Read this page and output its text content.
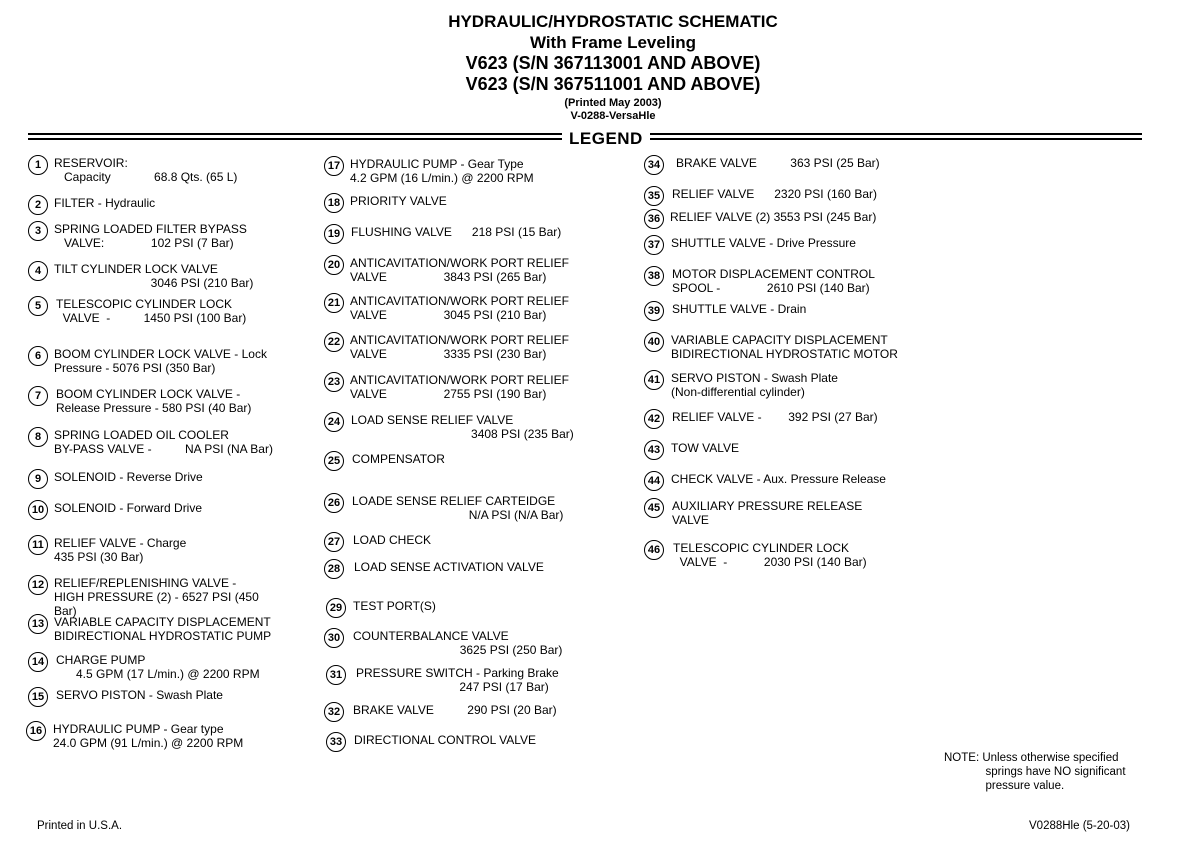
HYDRAULIC/HYDROSTATIC SCHEMATIC
With Frame Leveling
V623 (S/N 367113001 AND ABOVE)
V623 (S/N 367511001 AND ABOVE)
(Printed May 2003)
V-0288-VersaHle
LEGEND
1	RESERVOIR:
Capacity             68.8 Qts. (65 L)
2	FILTER - Hydraulic
3	SPRING LOADED FILTER BYPASS
VALVE:              102 PSI (7 Bar)
4	TILT CYLINDER LOCK VALVE
3046 PSI (210 Bar)
5	TELESCOPIC CYLINDER LOCK
VALVE  -          1450 PSI (100 Bar)
6	BOOM CYLINDER LOCK VALVE - Lock
Pressure - 5076 PSI (350 Bar)
7	BOOM CYLINDER LOCK VALVE -
Release Pressure - 580 PSI (40 Bar)
8	SPRING LOADED OIL COOLER
BY-PASS VALVE -          NA PSI (NA Bar)
9	SOLENOID - Reverse Drive
10 SOLENOID - Forward Drive
11 RELIEF VALVE - Charge
435 PSI (30 Bar)
12 RELIEF/REPLENISHING VALVE -
HIGH PRESSURE (2) - 6527 PSI (450
Bar)
13 VARIABLE CAPACITY DISPLACEMENT
BIDIRECTIONAL HYDROSTATIC PUMP
14 CHARGE PUMP
4.5 GPM (17 L/min.) @ 2200 RPM
15 SERVO PISTON - Swash Plate
16 HYDRAULIC PUMP - Gear type
24.0 GPM (91 L/min.) @ 2200 RPM
17 HYDRAULIC PUMP - Gear Type
4.2 GPM (16 L/min.) @ 2200 RPM
18 PRIORITY VALVE
19 FLUSHING VALVE      218 PSI (15 Bar)
20 ANTICAVITATION/WORK PORT RELIEF
VALVE                 3843 PSI (265 Bar)
21 ANTICAVITATION/WORK PORT RELIEF
VALVE                 3045 PSI (210 Bar)
22 ANTICAVITATION/WORK PORT RELIEF
VALVE                 3335 PSI (230 Bar)
23 ANTICAVITATION/WORK PORT RELIEF
VALVE                 2755 PSI (190 Bar)
24 LOAD SENSE RELIEF VALVE
3408 PSI (235 Bar)
25 COMPENSATOR
26 LOADE SENSE RELIEF CARTEIDGE
N/A PSI (N/A Bar)
27	LOAD CHECK
28	LOAD SENSE ACTIVATION VALVE
29 TEST PORT(S)
30	COUNTERBALANCE VALVE
3625 PSI (250 Bar)
31	PRESSURE SWITCH - Parking Brake
247 PSI (17 Bar)
32	BRAKE VALVE          290 PSI (20 Bar)
33 DIRECTIONAL CONTROL VALVE
34	BRAKE VALVE          363 PSI (25 Bar)
35 RELIEF VALVE      2320 PSI (160 Bar)
36 RELIEF VALVE (2) 3553 PSI (245 Bar)
37 SHUTTLE VALVE - Drive Pressure
38 MOTOR DISPLACEMENT CONTROL
SPOOL -              2610 PSI (140 Bar)
39 SHUTTLE VALVE - Drain
40 VARIABLE CAPACITY DISPLACEMENT
BIDIRECTIONAL HYDROSTATIC MOTOR
41 SERVO PISTON - Swash Plate
(Non-differential cylinder)
42 RELIEF VALVE -        392 PSI (27 Bar)
43 TOW VALVE
44 CHECK VALVE - Aux. Pressure Release
45 AUXILIARY PRESSURE RELEASE
VALVE
46	TELESCOPIC CYLINDER LOCK
VALVE  -           2030 PSI (140 Bar)
NOTE: Unless otherwise specified
springs have NO significant
pressure value.
Printed in U.S.A.	V0288Hle (5-20-03)
